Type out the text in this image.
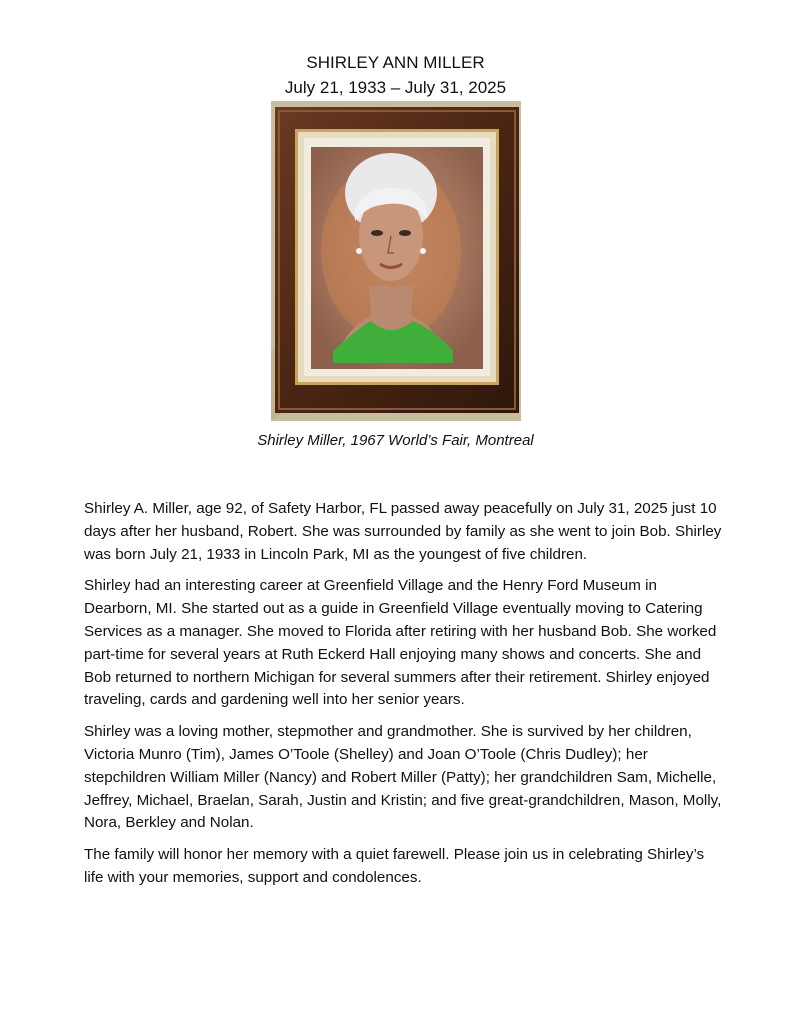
SHIRLEY ANN MILLER
July 21, 1933 – July 31, 2025
Shirley Miller, 1967 World’s Fair, Montreal

Shirley A. Miller, age 92, of Safety Harbor, FL passed away peacefully on July 31, 2025 just 10 days after her husband, Robert. She was surrounded by family as she went to join Bob. Shirley was born July 21, 1933 in Lincoln Park, MI as the youngest of five children.

Shirley had an interesting career at Greenfield Village and the Henry Ford Museum in Dearborn, MI. She started out as a guide in Greenfield Village eventually moving to Catering Services as a manager. She moved to Florida after retiring with her husband Bob. She worked part-time for several years at Ruth Eckerd Hall enjoying many shows and concerts. She and Bob returned to northern Michigan for several summers after their retirement. Shirley enjoyed traveling, cards and gardening well into her senior years.

Shirley was a loving mother, stepmother and grandmother. She is survived by her children, Victoria Munro (Tim), James O’Toole (Shelley) and Joan O’Toole (Chris Dudley); her stepchildren William Miller (Nancy) and Robert Miller (Patty); her grandchildren Sam, Michelle, Jeffrey, Michael, Braelan, Sarah, Justin and Kristin; and five great-grandchildren, Mason, Molly, Nora, Berkley and Nolan.

The family will honor her memory with a quiet farewell. Please join us in celebrating Shirley’s life with your memories, support and condolences.
